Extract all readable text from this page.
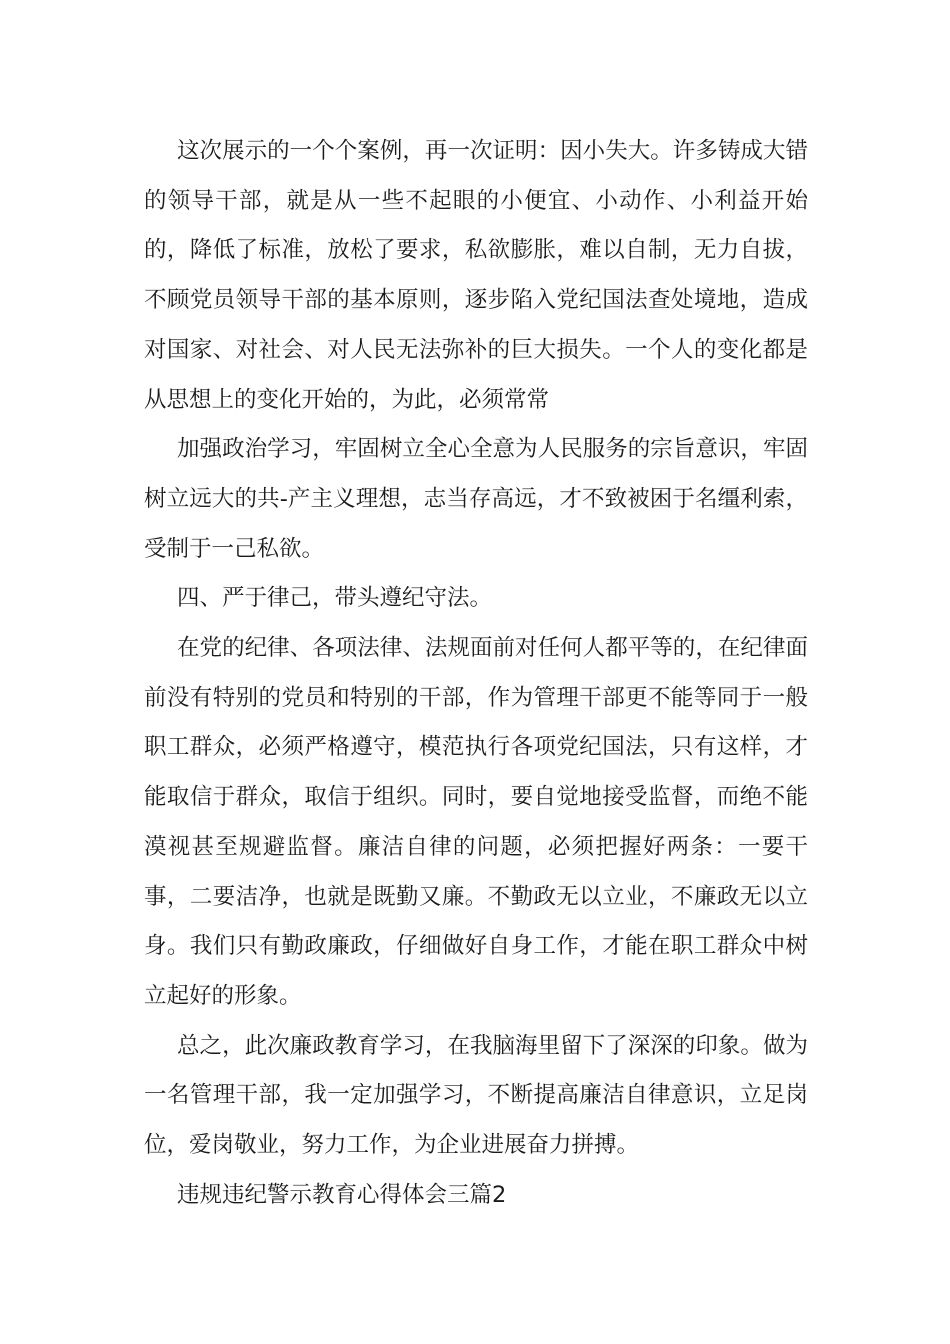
这次展示的一个个案例，再一次证明：因小失大。许多铸成大错的领导干部，就是从一些不起眼的小便宜、小动作、小利益开始的，降低了标准，放松了要求，私欲膨胀，难以自制，无力自拔，不顾党员领导干部的基本原则，逐步陷入党纪国法查处境地，造成对国家、对社会、对人民无法弥补的巨大损失。一个人的变化都是从思想上的变化开始的，为此，必须常常

加强政治学习，牢固树立全心全意为人民服务的宗旨意识，牢固树立远大的共-产主义理想，志当存高远，才不致被困于名缰利索，受制于一己私欲。

四、严于律己，带头遵纪守法。

在党的纪律、各项法律、法规面前对任何人都平等的，在纪律面前没有特别的党员和特别的干部，作为管理干部更不能等同于一般职工群众，必须严格遵守，模范执行各项党纪国法，只有这样，才能取信于群众，取信于组织。同时，要自觉地接受监督，而绝不能漠视甚至规避监督。廉洁自律的问题，必须把握好两条：一要干事，二要洁净，也就是既勤又廉。不勤政无以立业，不廉政无以立身。我们只有勤政廉政，仔细做好自身工作，才能在职工群众中树立起好的形象。

总之，此次廉政教育学习，在我脑海里留下了深深的印象。做为一名管理干部，我一定加强学习，不断提高廉洁自律意识，立足岗位，爱岗敬业，努力工作，为企业进展奋力拼搏。

违规违纪警示教育心得体会三篇2
